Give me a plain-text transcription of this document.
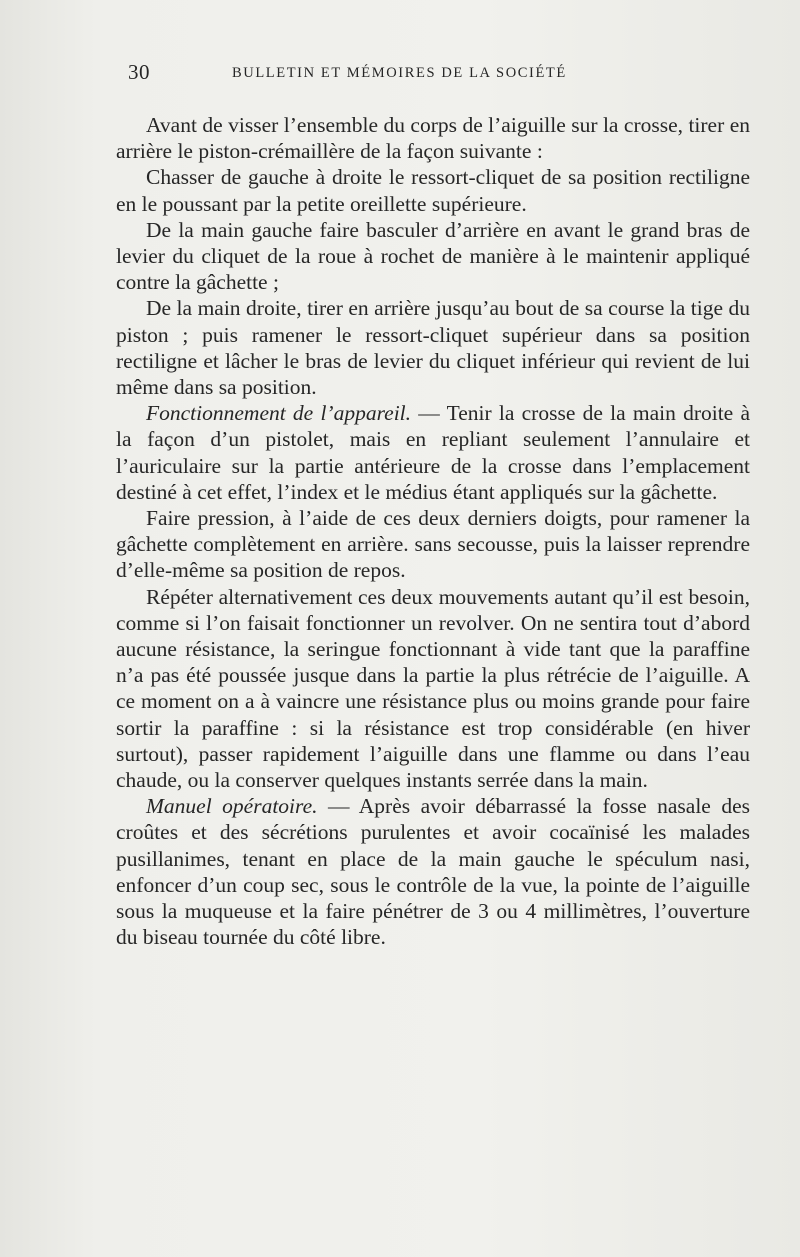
30	BULLETIN ET MÉMOIRES DE LA SOCIÉTÉ

Avant de visser l’ensemble du corps de l’aiguille sur la crosse, tirer en arrière le piston-crémaillère de la façon suivante :

Chasser de gauche à droite le ressort-cliquet de sa position rectiligne en le poussant par la petite oreillette supérieure.

De la main gauche faire basculer d’arrière en avant le grand bras de levier du cliquet de la roue à rochet de manière à le maintenir appliqué contre la gâchette ;

De la main droite, tirer en arrière jusqu’au bout de sa course la tige du piston ; puis ramener le ressort-cliquet supérieur dans sa position rectiligne et lâcher le bras de levier du cliquet inférieur qui revient de lui même dans sa position.

Fonctionnement de l’appareil. — Tenir la crosse de la main droite à la façon d’un pistolet, mais en repliant seulement l’annulaire et l’auriculaire sur la partie antérieure de la crosse dans l’emplacement destiné à cet effet, l’index et le médius étant appliqués sur la gâchette.

Faire pression, à l’aide de ces deux derniers doigts, pour ramener la gâchette complètement en arrière. sans secousse, puis la laisser reprendre d’elle-même sa position de repos.

Répéter alternativement ces deux mouvements autant qu’il est besoin, comme si l’on faisait fonctionner un revolver. On ne sentira tout d’abord aucune résistance, la seringue fonctionnant à vide tant que la paraffine n’a pas été poussée jusque dans la partie la plus rétrécie de l’aiguille. A ce moment on a à vaincre une résistance plus ou moins grande pour faire sortir la paraffine : si la résistance est trop considérable (en hiver surtout), passer rapidement l’aiguille dans une flamme ou dans l’eau chaude, ou la conserver quelques instants serrée dans la main.

Manuel opératoire. — Après avoir débarrassé la fosse nasale des croûtes et des sécrétions purulentes et avoir cocaïnisé les malades pusillanimes, tenant en place de la main gauche le spéculum nasi, enfoncer d’un coup sec, sous le contrôle de la vue, la pointe de l’aiguille sous la muqueuse et la faire pénétrer de 3 ou 4 millimètres, l’ouverture du biseau tournée du côté libre.
